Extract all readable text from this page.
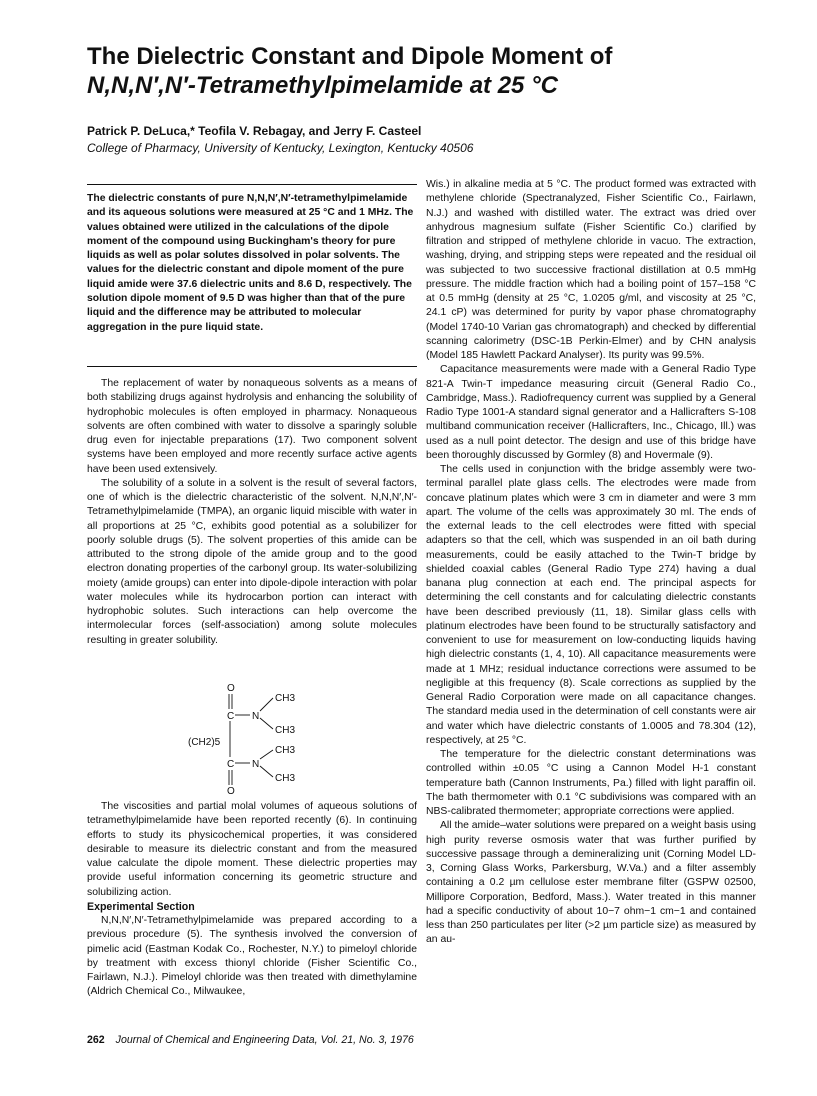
The Dielectric Constant and Dipole Moment of
N,N,N′,N′-Tetramethylpimelamide at 25 °C
Patrick P. DeLuca,* Teofila V. Rebagay, and Jerry F. Casteel
College of Pharmacy, University of Kentucky, Lexington, Kentucky 40506
The dielectric constants of pure N,N,N′,N′-tetramethylpimelamide and its aqueous solutions were measured at 25 °C and 1 MHz. The values obtained were utilized in the calculations of the dipole moment of the compound using Buckingham's theory for pure liquids as well as polar solutes dissolved in polar solvents. The values for the dielectric constant and dipole moment of the pure liquid amide were 37.6 dielectric units and 8.6 D, respectively. The solution dipole moment of 9.5 D was higher than that of the pure liquid and the difference may be attributed to molecular aggregation in the pure liquid state.

The replacement of water by nonaqueous solvents as a means of both stabilizing drugs against hydrolysis and enhancing the solubility of hydrophobic molecules is often employed in pharmacy. Nonaqueous solvents are often combined with water to dissolve a sparingly soluble drug even for injectable preparations (17). Two component solvent systems have been employed and more recently surface active agents have been used extensively.

The solubility of a solute in a solvent is the result of several factors, one of which is the dielectric characteristic of the solvent. N,N,N′,N′-Tetramethylpimelamide (TMPA), an organic liquid miscible with water in all proportions at 25 °C, exhibits good potential as a solubilizer for poorly soluble drugs (5). The solvent properties of this amide can be attributed to the strong dipole of the amide group and to the good electron donating properties of the carbonyl group. Its water-solubilizing moiety (amide groups) can enter into dipole-dipole interaction with polar water molecules while its hydrocarbon portion can interact with hydrophobic solutes. Such interactions can help overcome the intermolecular forces (self-association) among solute molecules resulting in greater solubility.

O
C N
CH3
CH3
(CH2)5
CH3
C N
CH3
O

The viscosities and partial molal volumes of aqueous solutions of tetramethylpimelamide have been reported recently (6). In continuing efforts to study its physicochemical properties, it was considered desirable to measure its dielectric constant and from the measured value calculate the dipole moment. These dielectric properties may provide useful information concerning its geometric structure and solubilizing action.

Experimental Section

N,N,N′,N′-Tetramethylpimelamide was prepared according to a previous procedure (5). The synthesis involved the conversion of pimelic acid (Eastman Kodak Co., Rochester, N.Y.) to pimeloyl chloride by treatment with excess thionyl chloride (Fisher Scientific Co., Fairlawn, N.J.). Pimeloyl chloride was then treated with dimethylamine (Aldrich Chemical Co., Milwaukee,

Wis.) in alkaline media at 5 °C. The product formed was extracted with methylene chloride (Spectranalyzed, Fisher Scientific Co., Fairlawn, N.J.) and washed with distilled water. The extract was dried over anhydrous magnesium sulfate (Fisher Scientific Co.) clarified by filtration and stripped of methylene chloride in vacuo. The extraction, washing, drying, and stripping steps were repeated and the residual oil was subjected to two successive fractional distillation at 0.5 mmHg pressure. The middle fraction which had a boiling point of 157–158 °C at 0.5 mmHg (density at 25 °C, 1.0205 g/ml, and viscosity at 25 °C, 24.1 cP) was determined for purity by vapor phase chromatography (Model 1740-10 Varian gas chromatograph) and checked by differential scanning calorimetry (DSC-1B Perkin-Elmer) and by CHN analysis (Model 185 Hawlett Packard Analyser). Its purity was 99.5%.

Capacitance measurements were made with a General Radio Type 821-A Twin-T impedance measuring circuit (General Radio Co., Cambridge, Mass.). Radiofrequency current was supplied by a General Radio Type 1001-A standard signal generator and a Hallicrafters S-108 multiband communication receiver (Hallicrafters, Inc., Chicago, Ill.) was used as a null point detector. The design and use of this bridge have been thoroughly discussed by Gormley (8) and Hovermale (9).

The cells used in conjunction with the bridge assembly were two-terminal parallel plate glass cells. The electrodes were made from concave platinum plates which were 3 cm in diameter and were 3 mm apart. The volume of the cells was approximately 30 ml. The ends of the external leads to the cell electrodes were fitted with special adapters so that the cell, which was suspended in an oil bath during measurements, could be easily attached to the Twin-T bridge by shielded coaxial cables (General Radio Type 274) having a dual banana plug connection at each end. The principal aspects for determining the cell constants and for calculating dielectric constants have been described previously (11, 18). Similar glass cells with platinum electrodes have been found to be structurally satisfactory and convenient to use for measurement on low-conducting liquids having high dielectric constants (1, 4, 10). All capacitance measurements were made at 1 MHz; residual inductance corrections were assumed to be negligible at this frequency (8). Scale corrections as supplied by the General Radio Corporation were made on all capacitance changes. The standard media used in the determination of cell constants were air and water which have dielectric constants of 1.0005 and 78.304 (12), respectively, at 25 °C.

The temperature for the dielectric constant determinations was controlled within ±0.05 °C using a Cannon Model H-1 constant temperature bath (Cannon Instruments, Pa.) filled with light paraffin oil. The bath thermometer with 0.1 °C subdivisions was compared with an NBS-calibrated thermometer; appropriate corrections were applied.

All the amide–water solutions were prepared on a weight basis using high purity reverse osmosis water that was further purified by successive passage through a demineralizing unit (Corning Model LD-3, Corning Glass Works, Parkersburg, W.Va.) and a filter assembly containing a 0.2 µm cellulose ester membrane filter (GSPW 02500, Millipore Corporation, Bedford, Mass.). Water treated in this manner had a specific conductivity of about 10−7 ohm−1 cm−1 and contained less than 250 particulates per liter (>2 µm particle size) as measured by an au-

262 Journal of Chemical and Engineering Data, Vol. 21, No. 3, 1976
